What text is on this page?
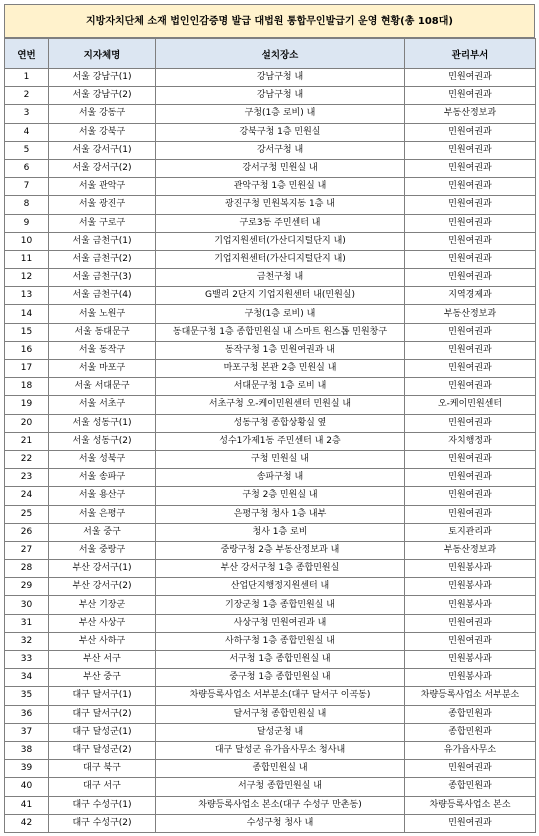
지방자치단체 소재 법인인감증명 발급 대법원 통합무인발급기 운영 현황(총 108대)
연번	지자체명	설치장소	관리부서
1	서울 강남구(1)	강남구청 내	민원여권과
2	서울 강남구(2)	강남구청 내	민원여권과
3	서울 강동구	구청(1층 로비) 내	부동산정보과
4	서울 강북구	강북구청 1층 민원실	민원여권과
5	서울 강서구(1)	강서구청 내	민원여권과
6	서울 강서구(2)	강서구청 민원실 내	민원여권과
7	서울 관악구	관악구청 1층 민원실 내	민원여권과
8	서울 광진구	광진구청 민원복지동 1층 내	민원여권과
9	서울 구로구	구로3동 주민센터 내	민원여권과
10	서울 금천구(1)	기업지원센터(가산디지털단지 내)	민원여권과
11	서울 금천구(2)	기업지원센터(가산디지털단지 내)	민원여권과
12	서울 금천구(3)	금천구청 내	민원여권과
13	서울 금천구(4)	G밸리 2단지 기업지원센터 내(민원실)	지역경제과
14	서울 노원구	구청(1층 로비) 내	부동산정보과
15	서울 동대문구	동대문구청 1층 종합민원실 내 스마트 원스톱 민원창구	민원여권과
16	서울 동작구	동작구청 1층 민원여권과 내	민원여권과
17	서울 마포구	마포구청 본관 2층 민원실 내	민원여권과
18	서울 서대문구	서대문구청 1층 로비 내	민원여권과
19	서울 서초구	서초구청 오-케이민원센터 민원실 내	오-케이민원센터
20	서울 성동구(1)	성동구청 종합상황실 옆	민원여권과
21	서울 성동구(2)	성수1가제1동 주민센터 내 2층	자치행정과
22	서울 성북구	구청 민원실 내	민원여권과
23	서울 송파구	송파구청 내	민원여권과
24	서울 용산구	구청 2층 민원실 내	민원여권과
25	서울 은평구	은평구청 청사 1층 내부	민원여권과
26	서울 중구	청사 1층 로비	토지관리과
27	서울 중랑구	중랑구청 2층 부동산정보과 내	부동산정보과
28	부산 강서구(1)	부산 강서구청 1층 종합민원실	민원봉사과
29	부산 강서구(2)	산업단지행정지원센터 내	민원봉사과
30	부산 기장군	기장군청 1층 종합민원실 내	민원봉사과
31	부산 사상구	사상구청 민원여권과 내	민원여권과
32	부산 사하구	사하구청 1층 종합민원실 내	민원여권과
33	부산 서구	서구청 1층 종합민원실 내	민원봉사과
34	부산 중구	중구청 1층 종합민원실 내	민원봉사과
35	대구 달서구(1)	차량등록사업소 서부분소(대구 달서구 이곡동)	차량등록사업소 서부분소
36	대구 달서구(2)	달서구청 종합민원실 내	종합민원과
37	대구 달성군(1)	달성군청 내	종합민원과
38	대구 달성군(2)	대구 달성군 유가읍사무소 청사내	유가읍사무소
39	대구 북구	종합민원실 내	민원여권과
40	대구 서구	서구청 종합민원실 내	종합민원과
41	대구 수성구(1)	차량등록사업소 본소(대구 수성구 만촌동)	차량등록사업소 본소
42	대구 수성구(2)	수성구청 청사 내	민원여권과
